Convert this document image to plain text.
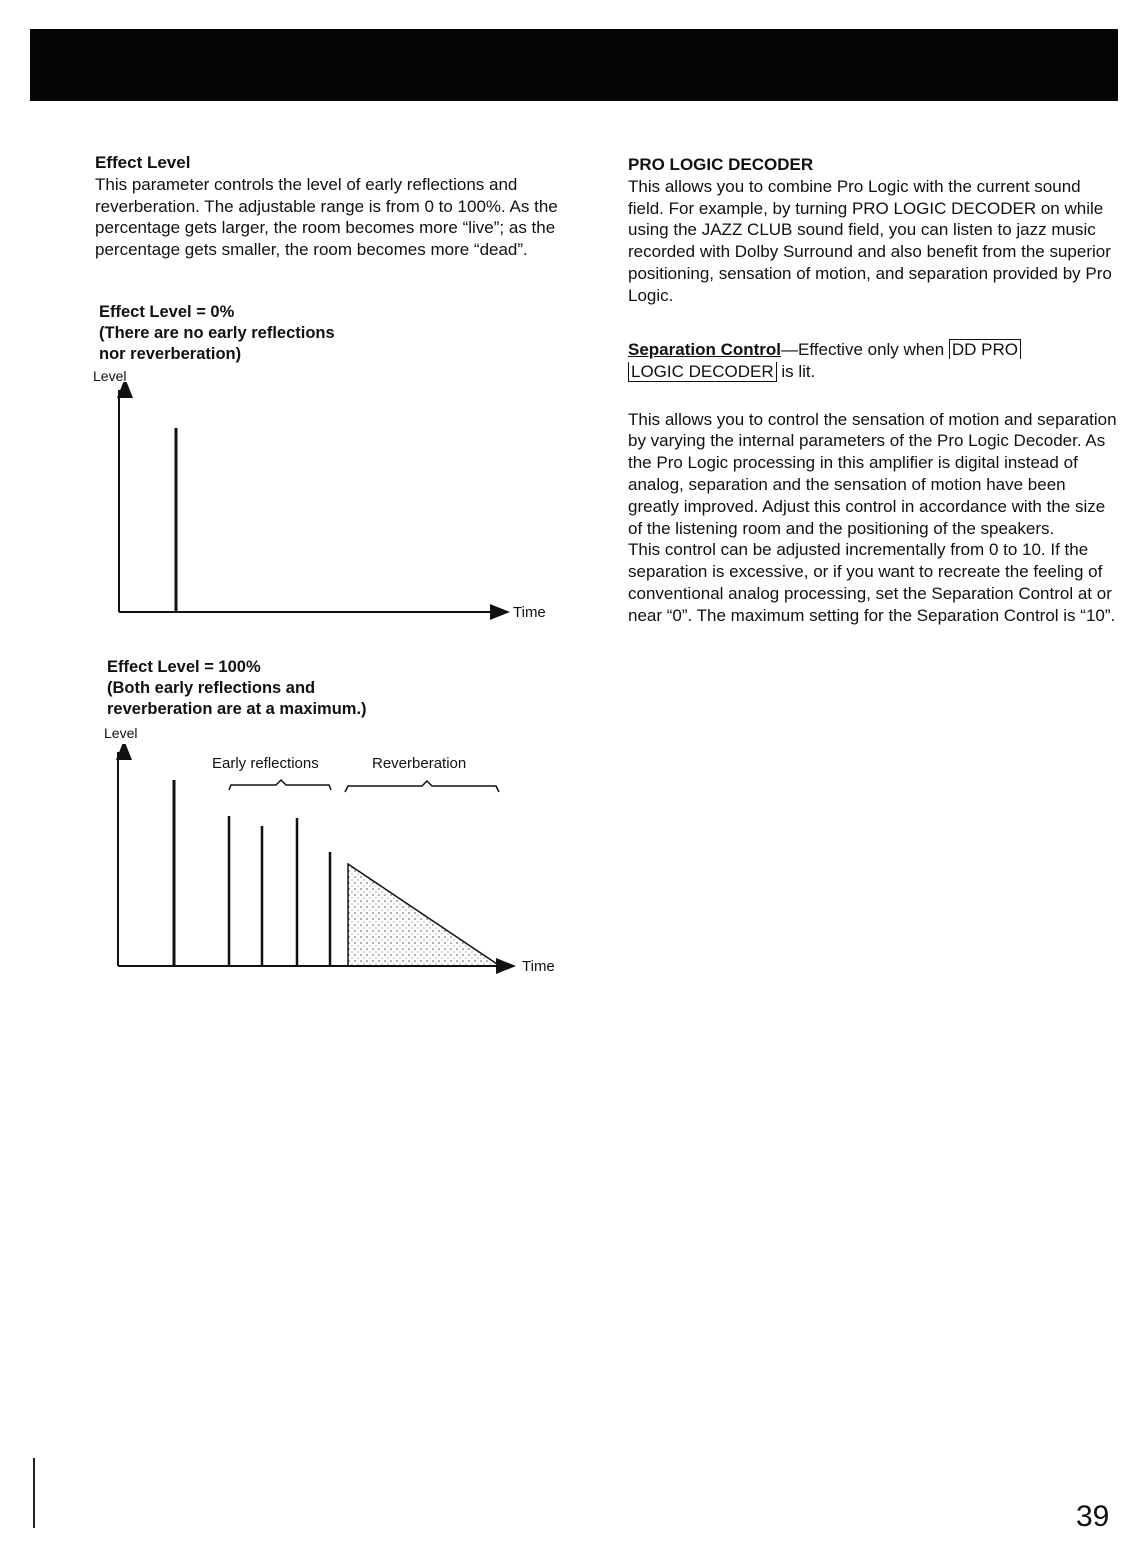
Effect Level

This parameter controls the level of early reflections and reverberation. The adjustable range is from 0 to 100%. As the percentage gets larger, the room becomes more “live”; as the percentage gets smaller, the room becomes more “dead”.

Effect Level = 0%

(There are no early reflections

nor reverberation)

Level
Time

Effect Level = 100%

(Both early reflections and

reverberation are at a maximum.)

Level
Early reflections	Reverberation
Time

PRO LOGIC DECODER

This allows you to combine Pro Logic with the current sound field. For example, by turning PRO LOGIC DECODER on while using the JAZZ CLUB sound field, you can listen to jazz music recorded with Dolby Surround and also benefit from the superior positioning, sensation of motion, and separation provided by Pro Logic.

Separation Control—Effective only when DD PRO
LOGIC DECODER is lit.

This allows you to control the sensation of motion and separation by varying the internal parameters of the Pro Logic Decoder. As the Pro Logic processing in this amplifier is digital instead of analog, separation and the sensation of motion have been greatly improved. Adjust this control in accordance with the size of the listening room and the positioning of the speakers.

This control can be adjusted incrementally from 0 to 10. If the separation is excessive, or if you want to recreate the feeling of conventional analog processing, set the Separation Control at or near “0”. The maximum setting for the Separation Control is “10”.

39
